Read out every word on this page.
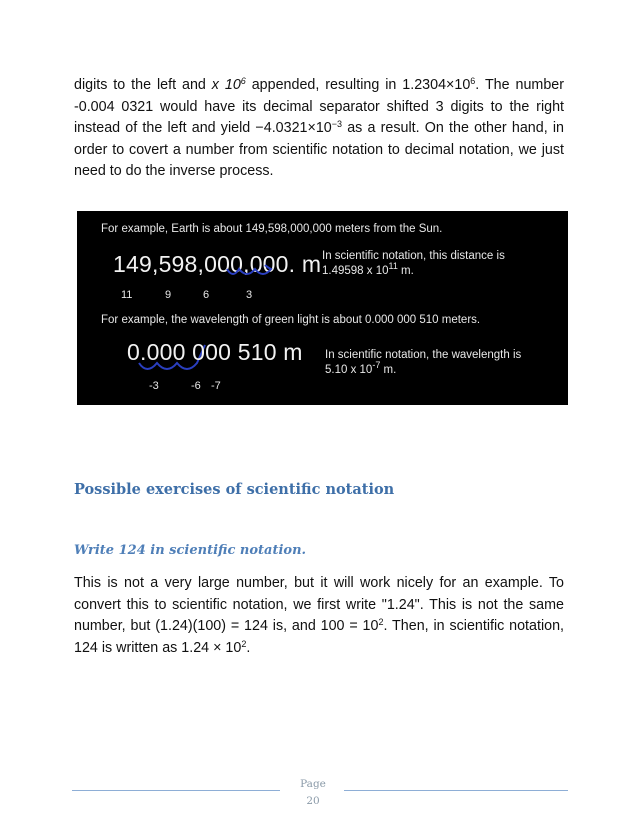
digits to the left and x $10^6$ appended, resulting in $1.2304\times 10^6$. The number -0.004 0321 would have its decimal separator shifted 3 digits to the right instead of the left and yield $-4.0321\times 10^{-3}$ as a result. On the other hand, in order to covert a number from scientific notation to decimal notation, we just need to do the inverse process.

For example, Earth is about 149,598,000,000 meters from the Sun.
149,598,000,000. m
11	9	6	3
In scientific notation, this distance is
1.49598 x $10^{11}$ m.
For example, the wavelength of green light is about 0.000 000 510 meters.
0.000 000 510 m
-3	-6 -7
In scientific notation, the wavelength is
5.10 x $10^{-7}$ m.
Possible exercises of scientific notation
Write 124 in scientific notation.

This is not a very large number, but it will work nicely for an example. To convert this to scientific notation, we first write "1.24". This is not the same number, but (1.24)(100) = 124 is, and $100 = 10^2$. Then, in scientific notation, 124 is written as $1.24 \times 10^2$.

Page
20
